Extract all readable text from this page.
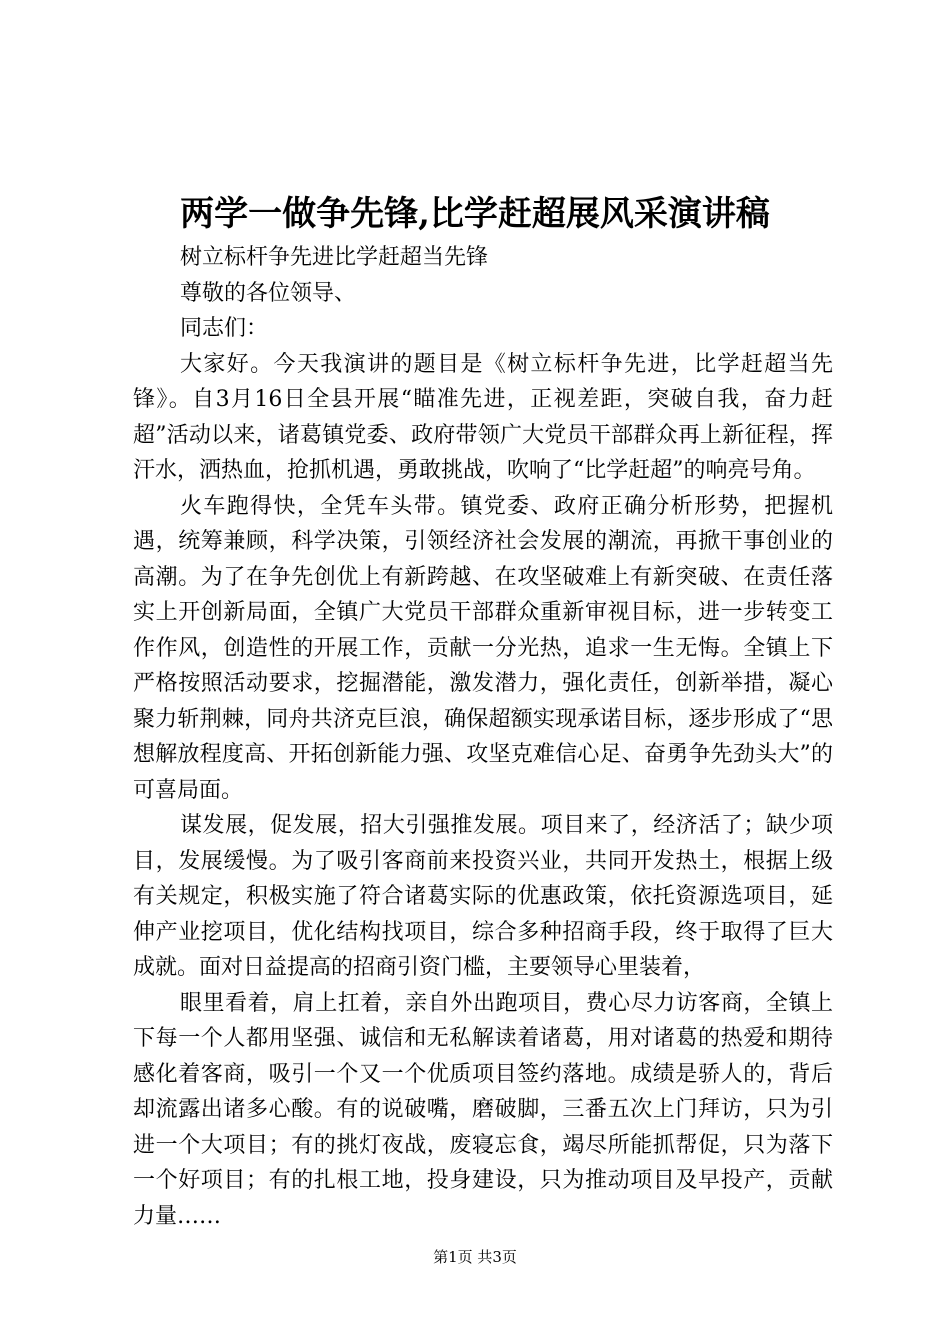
两学一做争先锋,比学赶超展风采演讲稿

树立标杆争先进比学赶超当先锋

尊敬的各位领导、

同志们：

大家好。今天我演讲的题目是《树立标杆争先进，比学赶超当先锋》。自3月16日全县开展“瞄准先进，正视差距，突破自我，奋力赶超”活动以来，诸葛镇党委、政府带领广大党员干部群众再上新征程，挥汗水，洒热血，抢抓机遇，勇敢挑战，吹响了“比学赶超”的响亮号角。

火车跑得快，全凭车头带。镇党委、政府正确分析形势，把握机遇，统筹兼顾，科学决策，引领经济社会发展的潮流，再掀干事创业的高潮。为了在争先创优上有新跨越、在攻坚破难上有新突破、在责任落实上开创新局面，全镇广大党员干部群众重新审视目标，进一步转变工作作风，创造性的开展工作，贡献一分光热，追求一生无悔。全镇上下严格按照活动要求，挖掘潜能，激发潜力，强化责任，创新举措，凝心聚力斩荆棘，同舟共济克巨浪，确保超额实现承诺目标，逐步形成了“思想解放程度高、开拓创新能力强、攻坚克难信心足、奋勇争先劲头大”的可喜局面。

谋发展，促发展，招大引强推发展。项目来了，经济活了；缺少项目，发展缓慢。为了吸引客商前来投资兴业，共同开发热土，根据上级有关规定，积极实施了符合诸葛实际的优惠政策，依托资源选项目，延伸产业挖项目，优化结构找项目，综合多种招商手段，终于取得了巨大成就。面对日益提高的招商引资门槛，主要领导心里装着，

眼里看着，肩上扛着，亲自外出跑项目，费心尽力访客商，全镇上下每一个人都用坚强、诚信和无私解读着诸葛，用对诸葛的热爱和期待感化着客商，吸引一个又一个优质项目签约落地。成绩是骄人的，背后却流露出诸多心酸。有的说破嘴，磨破脚，三番五次上门拜访，只为引进一个大项目；有的挑灯夜战，废寝忘食，竭尽所能抓帮促，只为落下一个好项目；有的扎根工地，投身建设，只为推动项目及早投产，贡献力量……

第1页 共3页
